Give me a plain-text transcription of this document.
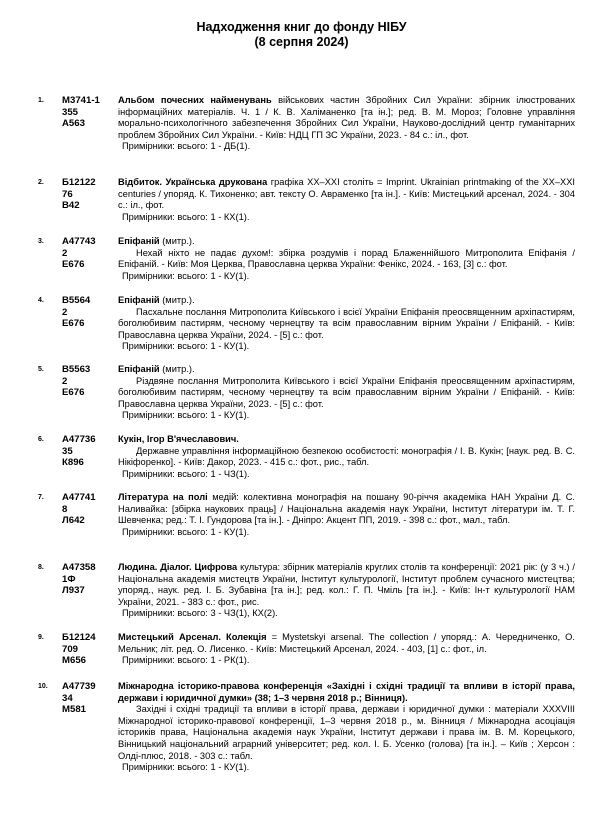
Надходження книг до фонду НІБУ
(8 серпня 2024)
1. М3741-1
355
А563

Альбом почесних найменувань військових частин Збройних Сил України: збірник ілюстрованих інформаційних матеріалів. Ч. 1 / К. В. Халіманенко [та ін.]; ред. В. М. Мороз; Головне управління морально-психологічного забезпечення Збройних Сил України, Науково-дослідний центр гуманітарних проблем Збройних Сил України. - Київ: НДЦ ГП ЗС України, 2023. - 84 с.: іл., фот.

Примірники: всього: 1 - ДБ(1).

2. Б12122
76
В42

Відбиток. Українська друкована графіка XX–XXI століть = Imprint. Ukrainian printmaking of the XX–XXI centuries / упоряд. К. Тихоненко; авт. тексту О. Авраменко [та ін.]. - Київ: Мистецький арсенал, 2024. - 304 с.: іл., фот.

Примірники: всього: 1 - КХ(1).

3. А47743
2
Е676

Епіфаній (митр.).

Нехай ніхто не падає духом!: збірка роздумів і порад Блаженнійшого Митрополита Епіфанія / Епіфаній. - Київ: Моя Церква, Православна церква України: Фенікс, 2024. - 163, [3] с.: фот.

Примірники: всього: 1 - КУ(1).

4. В5564
2
Е676

Епіфаній (митр.).

Пасхальне послання Митрополита Київського і всієї України Епіфанія преосвященним архіпастирям, боголюбивим пастирям, чесному чернецтву та всім православним вірним України / Епіфаній. - Київ: Православна церква України, 2024. - [5] с.: фот.

Примірники: всього: 1 - КУ(1).

5. В5563
2
Е676

Епіфаній (митр.).

Різдвяне послання Митрополита Київського і всієї України Епіфанія преосвященним архіпастирям, боголюбивим пастирям, чесному чернецтву та всім православним вірним України / Епіфаній. - Київ: Православна церква України, 2023. - [5] с.: фот.

Примірники: всього: 1 - КУ(1).

6. А47736
35
К896

Кукін, Ігор В'ячеславович.

Державне управління інформаційною безпекою особистості: монографія / І. В. Кукін; [наук. ред. В. С. Нікіфоренко]. - Київ: Дакор, 2023. - 415 с.: фот., рис., табл.

Примірники: всього: 1 - ЧЗ(1).

7. А47741
8
Л642

Література на полі медій: колективна монографія на пошану 90-річчя академіка НАН України Д. С. Наливайка: [збірка наукових праць] / Національна академія наук України, Інститут літератури ім. Т. Г. Шевченка; ред.: Т. І. Гундорова [та ін.]. - Дніпро: Акцент ПП, 2019. - 398 с.: фот., мал., табл.

Примірники: всього: 1 - КУ(1).

8. А47358
1Ф
Л937

Людина. Діалог. Цифрова культура: збірник матеріалів круглих столів та конференції: 2021 рік: (у 3 ч.) / Національна академія мистецтв України, Інститут культурології, Інститут проблем сучасного мистецтва; упоряд., наук. ред. І. Б. Зубавіна [та ін.]; ред. кол.: Г. П. Чміль [та ін.]. - Київ: Ін-т культурології НАМ України, 2021. - 383 с.: фот., рис.

Примірники: всього: 3 - ЧЗ(1), КХ(2).

9. Б12124
709
М656

Мистецький Арсенал. Колекція = Mystetskyi arsenal. The collection / упоряд.: А. Чередниченко, О. Мельник; літ. ред. О. Лисенко. - Київ: Мистецький Арсенал, 2024. - 403, [1] с.: фот., іл.

Примірники: всього: 1 - РК(1).

10. А47739
34
М581

Міжнародна історико-правова конференція «Західні і східні традиції та впливи в історії права, держави і юридичної думки» (38; 1–3 червня 2018 р.; Вінниця).

Західні і східні традиції та впливи в історії права, держави і юридичної думки : матеріали XXXVIII Міжнародної історико-правової конференції, 1–3 червня 2018 р., м. Вінниця / Міжнародна асоціація істориків права, Національна академія наук України, Інститут держави і права ім. В. М. Корецького, Вінницький національний аграрний університет; ред. кол. І. Б. Усенко (голова) [та ін.]. – Київ ; Херсон : Олді-плюс, 2018. - 303 с.: табл.

Примірники: всього: 1 - КУ(1).
